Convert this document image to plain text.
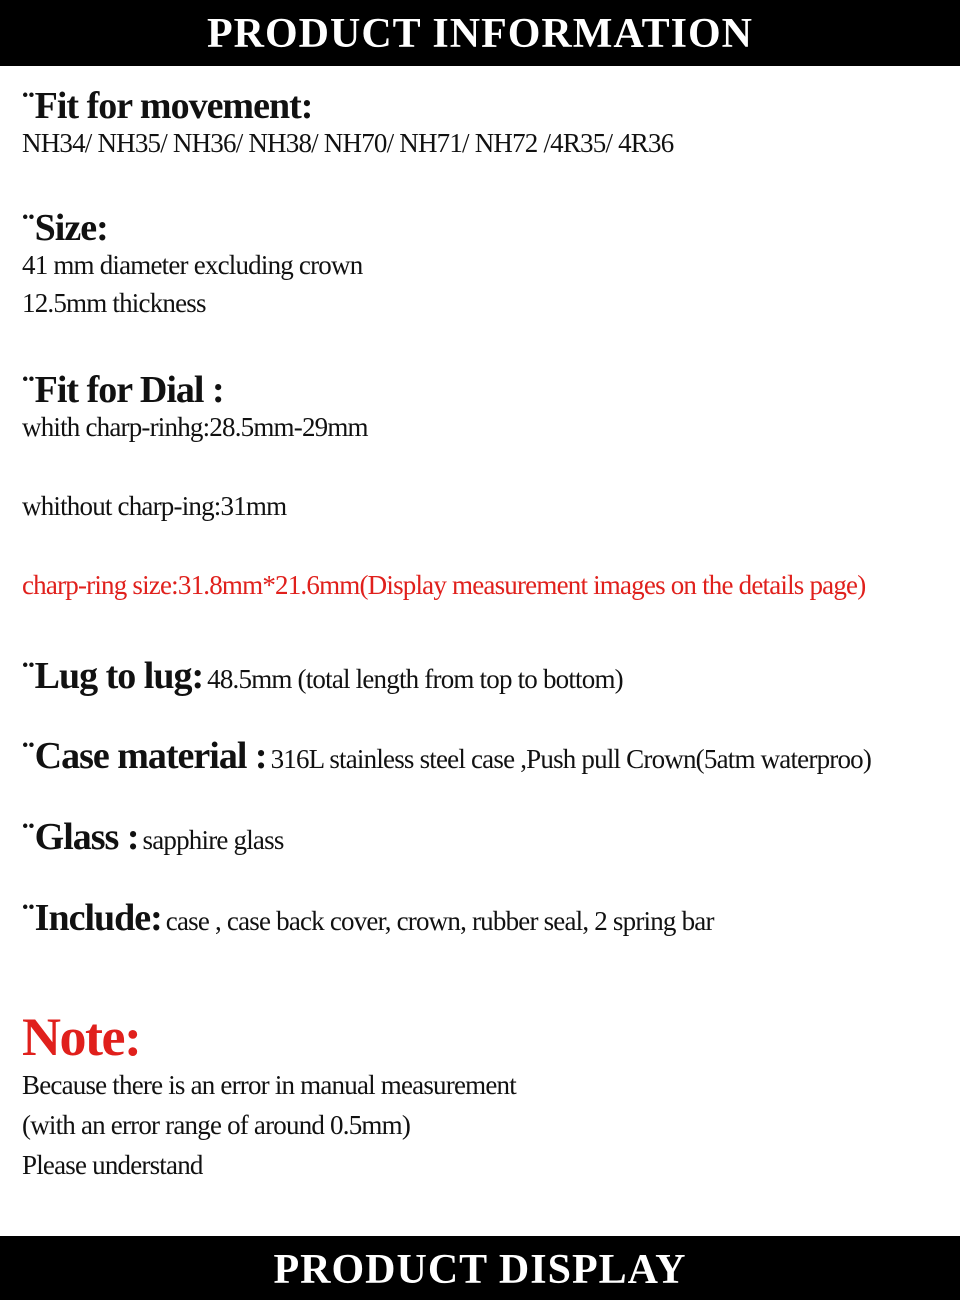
PRODUCT INFORMATION
¨Fit for movement:
NH34/ NH35/ NH36/ NH38/ NH70/ NH71/ NH72 /4R35/ 4R36
¨Size:
41 mm diameter excluding crown
12.5mm thickness
¨Fit for Dial :
whith charp-rinhg:28.5mm-29mm
whithout charp-ing:31mm
charp-ring size:31.8mm*21.6mm(Display measurement images on the details page)
¨Lug to lug: 48.5mm (total length from top to bottom)
¨Case material : 316L stainless steel case ,Push pull Crown(5atm waterproo)
¨Glass : sapphire glass
¨Include: case , case back cover, crown, rubber seal, 2 spring bar
Note:
Because there is an error in manual measurement
(with an error range of around 0.5mm)
Please understand
PRODUCT DISPLAY
